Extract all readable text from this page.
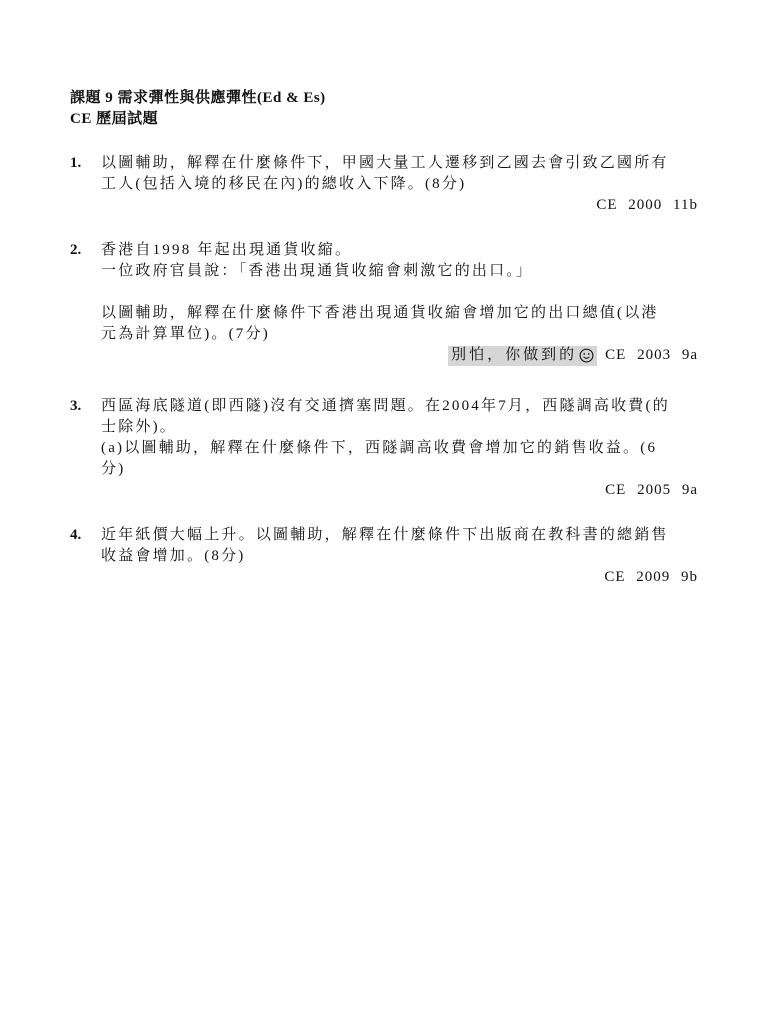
課題 9 需求彈性與供應彈性(Ed & Es)
CE 歷屆試題
1.	以圖輔助，解釋在什麼條件下，甲國大量工人遷移到乙國去會引致乙國所有
工人(包括入境的移民在內)的總收入下降。(8分)
CE 2000 11b
2.	香港自1998 年起出現通貨收縮。
一位政府官員說：「香港出現通貨收縮會刺激它的出口。」
以圖輔助，解釋在什麼條件下香港出現通貨收縮會增加它的出口總值(以港
元為計算單位)。(7分)
別怕，你做到的 CE 2003 9a
3.	西區海底隧道(即西隧)沒有交通擠塞問題。在2004年7月，西隧調高收費(的
士除外)。
(a)以圖輔助，解釋在什麼條件下，西隧調高收費會增加它的銷售收益。(6
分)
CE 2005 9a
4.	近年紙價大幅上升。以圖輔助，解釋在什麼條件下出版商在教科書的總銷售
收益會增加。(8分)
CE 2009 9b
